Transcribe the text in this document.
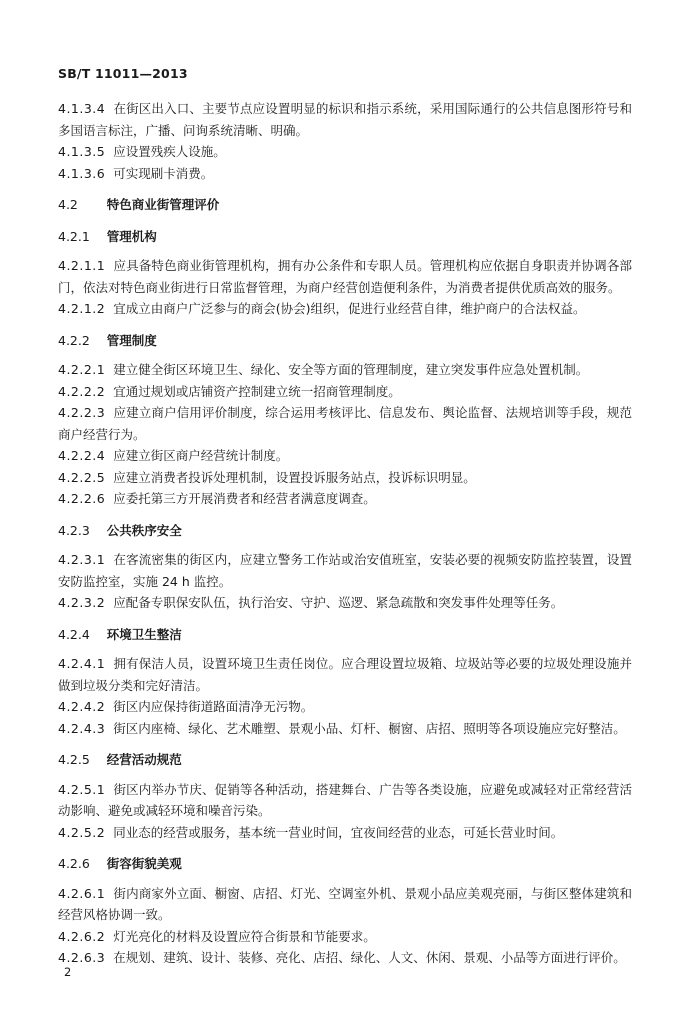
SB/T 11011—2013
4.1.3.4 在街区出入口、主要节点应设置明显的标识和指示系统，采用国际通行的公共信息图形符号和多国语言标注，广播、问询系统清晰、明确。
4.1.3.5 应设置残疾人设施。
4.1.3.6 可实现刷卡消费。
4.2 特色商业街管理评价
4.2.1 管理机构
4.2.1.1 应具备特色商业街管理机构，拥有办公条件和专职人员。管理机构应依据自身职责并协调各部门，依法对特色商业街进行日常监督管理，为商户经营创造便利条件，为消费者提供优质高效的服务。
4.2.1.2 宜成立由商户广泛参与的商会(协会)组织，促进行业经营自律，维护商户的合法权益。
4.2.2 管理制度
4.2.2.1 建立健全街区环境卫生、绿化、安全等方面的管理制度，建立突发事件应急处置机制。
4.2.2.2 宜通过规划或店铺资产控制建立统一招商管理制度。
4.2.2.3 应建立商户信用评价制度，综合运用考核评比、信息发布、舆论监督、法规培训等手段，规范商户经营行为。
4.2.2.4 应建立街区商户经营统计制度。
4.2.2.5 应建立消费者投诉处理机制，设置投诉服务站点，投诉标识明显。
4.2.2.6 应委托第三方开展消费者和经营者满意度调查。
4.2.3 公共秩序安全
4.2.3.1 在客流密集的街区内，应建立警务工作站或治安值班室，安装必要的视频安防监控装置，设置安防监控室，实施 24 h 监控。
4.2.3.2 应配备专职保安队伍，执行治安、守护、巡逻、紧急疏散和突发事件处理等任务。
4.2.4 环境卫生整洁
4.2.4.1 拥有保洁人员，设置环境卫生责任岗位。应合理设置垃圾箱、垃圾站等必要的垃圾处理设施并做到垃圾分类和完好清洁。
4.2.4.2 街区内应保持街道路面清净无污物。
4.2.4.3 街区内座椅、绿化、艺术雕塑、景观小品、灯杆、橱窗、店招、照明等各项设施应完好整洁。
4.2.5 经营活动规范
4.2.5.1 街区内举办节庆、促销等各种活动，搭建舞台、广告等各类设施，应避免或减轻对正常经营活动影响、避免或减轻环境和噪音污染。
4.2.5.2 同业态的经营或服务，基本统一营业时间，宜夜间经营的业态，可延长营业时间。
4.2.6 街容街貌美观
4.2.6.1 街内商家外立面、橱窗、店招、灯光、空调室外机、景观小品应美观亮丽，与街区整体建筑和经营风格协调一致。
4.2.6.2 灯光亮化的材料及设置应符合街景和节能要求。
4.2.6.3 在规划、建筑、设计、装修、亮化、店招、绿化、人文、休闲、景观、小品等方面进行评价。
2
